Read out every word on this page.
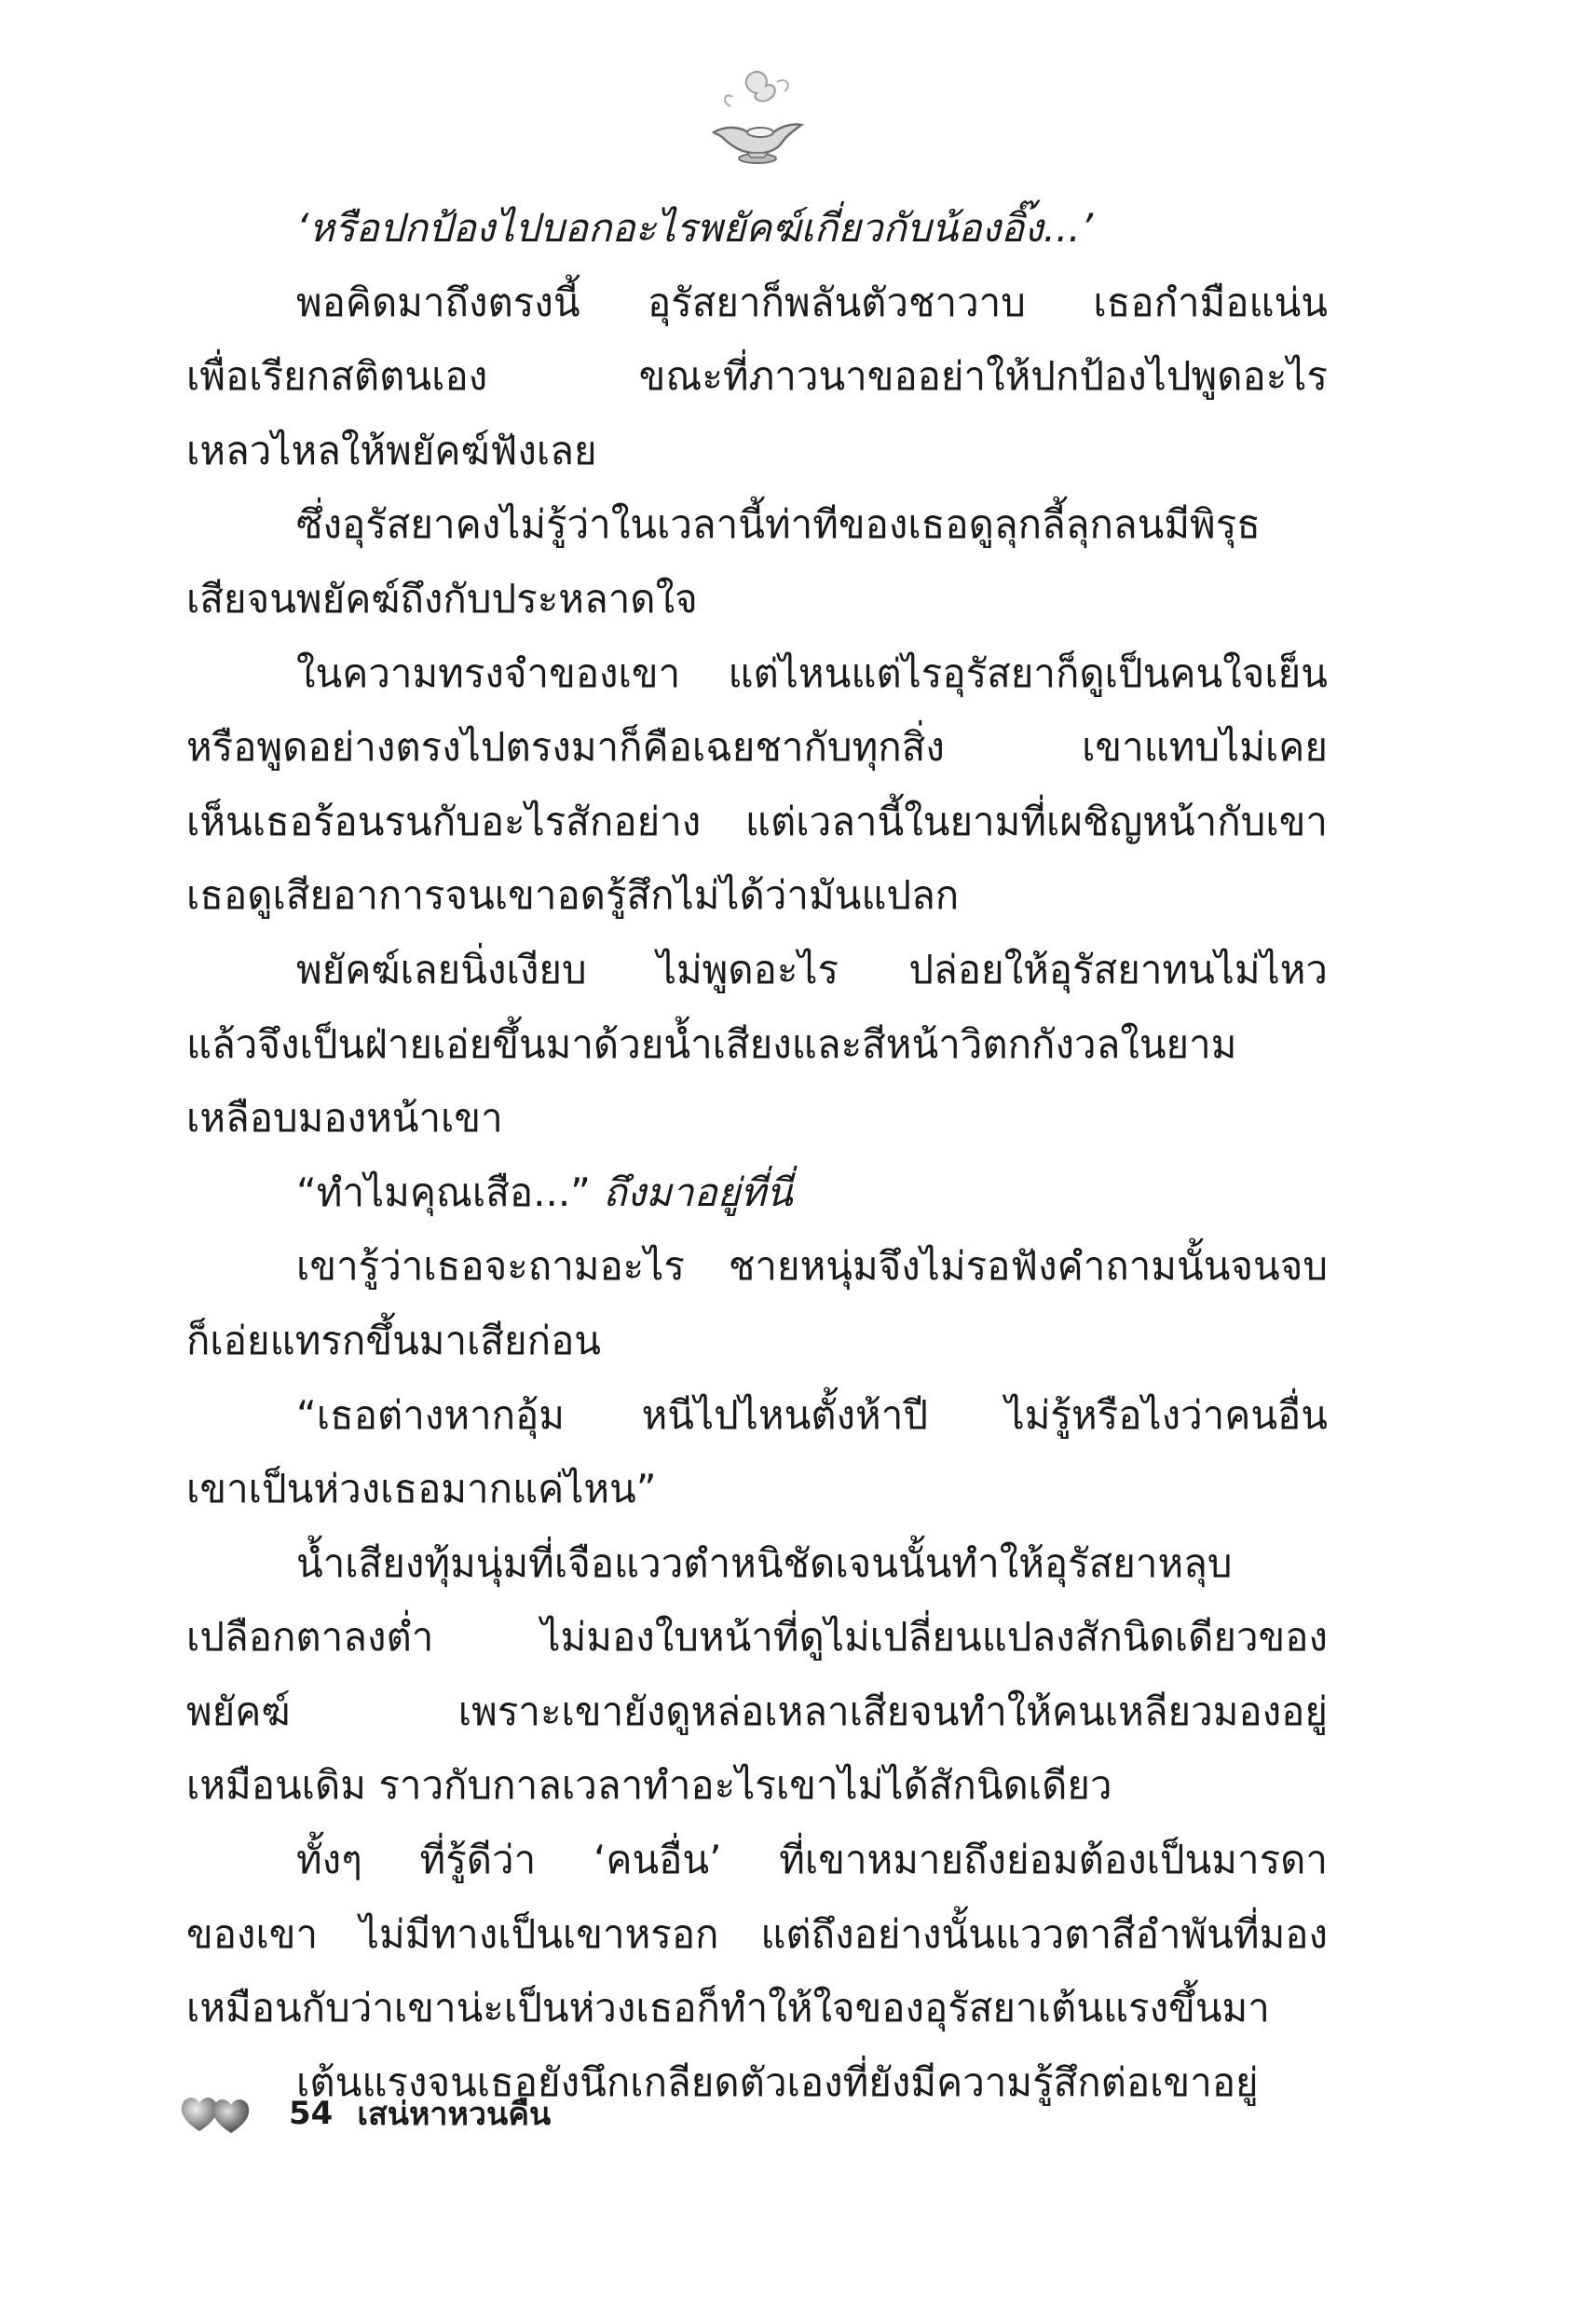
‘หรือปกป้องไปบอกอะไรพยัคฆ์เกี่ยวกับน้องอิ๊ง...’
พอคิดมาถึงตรงนี้ อุรัสยาก็พลันตัวชาวาบ เธอกำมือแน่น
เพื่อเรียกสติตนเอง ขณะที่ภาวนาขออย่าให้ปกป้องไปพูดอะไร
เหลวไหลให้พยัคฆ์ฟังเลย
ซึ่งอุรัสยาคงไม่รู้ว่าในเวลานี้ท่าทีของเธอดูลุกลี้ลุกลนมีพิรุธ
เสียจนพยัคฆ์ถึงกับประหลาดใจ
ในความทรงจำของเขา แต่ไหนแต่ไรอุรัสยาก็ดูเป็นคนใจเย็น
หรือพูดอย่างตรงไปตรงมาก็คือเฉยชากับทุกสิ่ง เขาแทบไม่เคย
เห็นเธอร้อนรนกับอะไรสักอย่าง แต่เวลานี้ในยามที่เผชิญหน้ากับเขา
เธอดูเสียอาการจนเขาอดรู้สึกไม่ได้ว่ามันแปลก
พยัคฆ์เลยนิ่งเงียบ ไม่พูดอะไร ปล่อยให้อุรัสยาทนไม่ไหว
แล้วจึงเป็นฝ่ายเอ่ยขึ้นมาด้วยน้ำเสียงและสีหน้าวิตกกังวลในยาม
เหลือบมองหน้าเขา
“ทำไมคุณเสือ...” ถึงมาอยู่ที่นี่
เขารู้ว่าเธอจะถามอะไร ชายหนุ่มจึงไม่รอฟังคำถามนั้นจนจบ
ก็เอ่ยแทรกขึ้นมาเสียก่อน
“เธอต่างหากอุ้ม หนีไปไหนตั้งห้าปี ไม่รู้หรือไงว่าคนอื่น
เขาเป็นห่วงเธอมากแค่ไหน”
น้ำเสียงทุ้มนุ่มที่เจือแววตำหนิชัดเจนนั้นทำให้อุรัสยาหลุบ
เปลือกตาลงต่ำ ไม่มองใบหน้าที่ดูไม่เปลี่ยนแปลงสักนิดเดียวของ
พยัคฆ์ เพราะเขายังดูหล่อเหลาเสียจนทำให้คนเหลียวมองอยู่
เหมือนเดิม ราวกับกาลเวลาทำอะไรเขาไม่ได้สักนิดเดียว
ทั้งๆ ที่รู้ดีว่า ‘คนอื่น’ ที่เขาหมายถึงย่อมต้องเป็นมารดา
ของเขา ไม่มีทางเป็นเขาหรอก แต่ถึงอย่างนั้นแววตาสีอำพันที่มอง
เหมือนกับว่าเขาน่ะเป็นห่วงเธอก็ทำให้ใจของอุรัสยาเต้นแรงขึ้นมา
เต้นแรงจนเธอยังนึกเกลียดตัวเองที่ยังมีความรู้สึกต่อเขาอยู่
54 เสน่หาหวนคืน
